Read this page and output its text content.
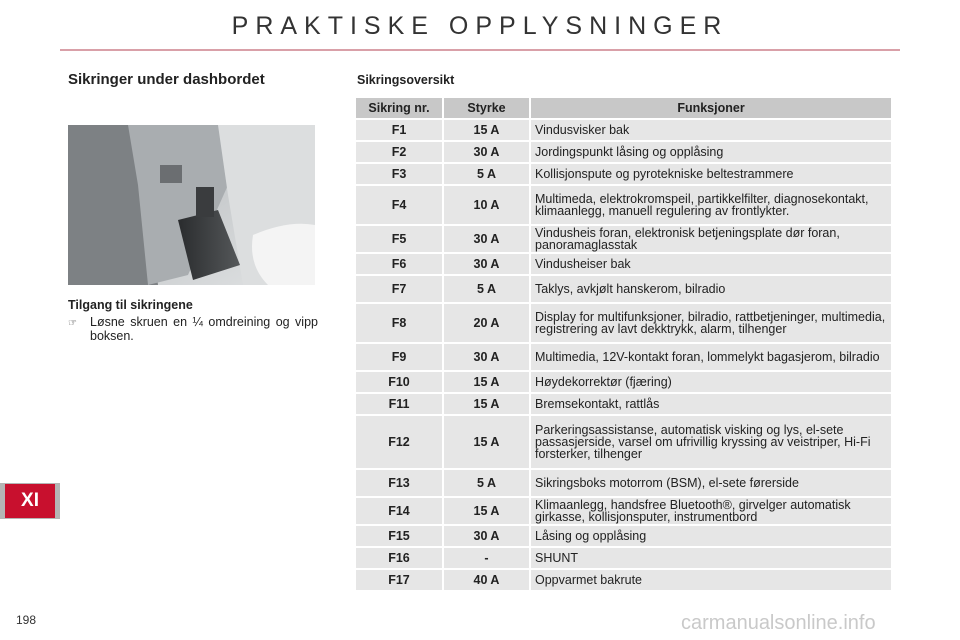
PRAKTISKE OPPLYSNINGER
Sikringer under dashbordet
Tilgang til sikringene
☞	Løsne skruen en ¼ omdreining og vipp boksen.
Sikringsoversikt
Sikring nr.	Styrke	Funksjoner
F1	15 A	Vindusvisker bak
F2	30 A	Jordingspunkt låsing og opplåsing
F3	5 A	Kollisjonspute og pyrotekniske beltestrammere
F4	10 A	Multimeda, elektrokromspeil, partikkelfilter, diagnosekontakt, klimaanlegg, manuell regulering av frontlykter.
F5	30 A	Vindusheis foran, elektronisk betjeningsplate dør foran, panoramaglasstak
F6	30 A	Vindusheiser bak
F7	5 A	Taklys, avkjølt hanskerom, bilradio
F8	20 A	Display for multifunksjoner, bilradio, rattbetjeninger, multimedia, registrering av lavt dekktrykk, alarm, tilhenger
F9	30 A	Multimedia, 12V-kontakt foran, lommelykt bagasjerom, bilradio
F10	15 A	Høydekorrektør (fjæring)
F11	15 A	Bremsekontakt, rattlås
F12	15 A	Parkeringsassistanse, automatisk visking og lys, el-sete passasjerside, varsel om ufrivillig kryssing av veistriper, Hi-Fi forsterker, tilhenger
F13	5 A	Sikringsboks motorrom (BSM), el-sete førerside
F14	15 A	Klimaanlegg, handsfree Bluetooth®, girvelger automatisk girkasse, kollisjonsputer, instrumentbord
F15	30 A	Låsing og opplåsing
F16	-	SHUNT
F17	40 A	Oppvarmet bakrute
XI
198	carmanualsonline.info
